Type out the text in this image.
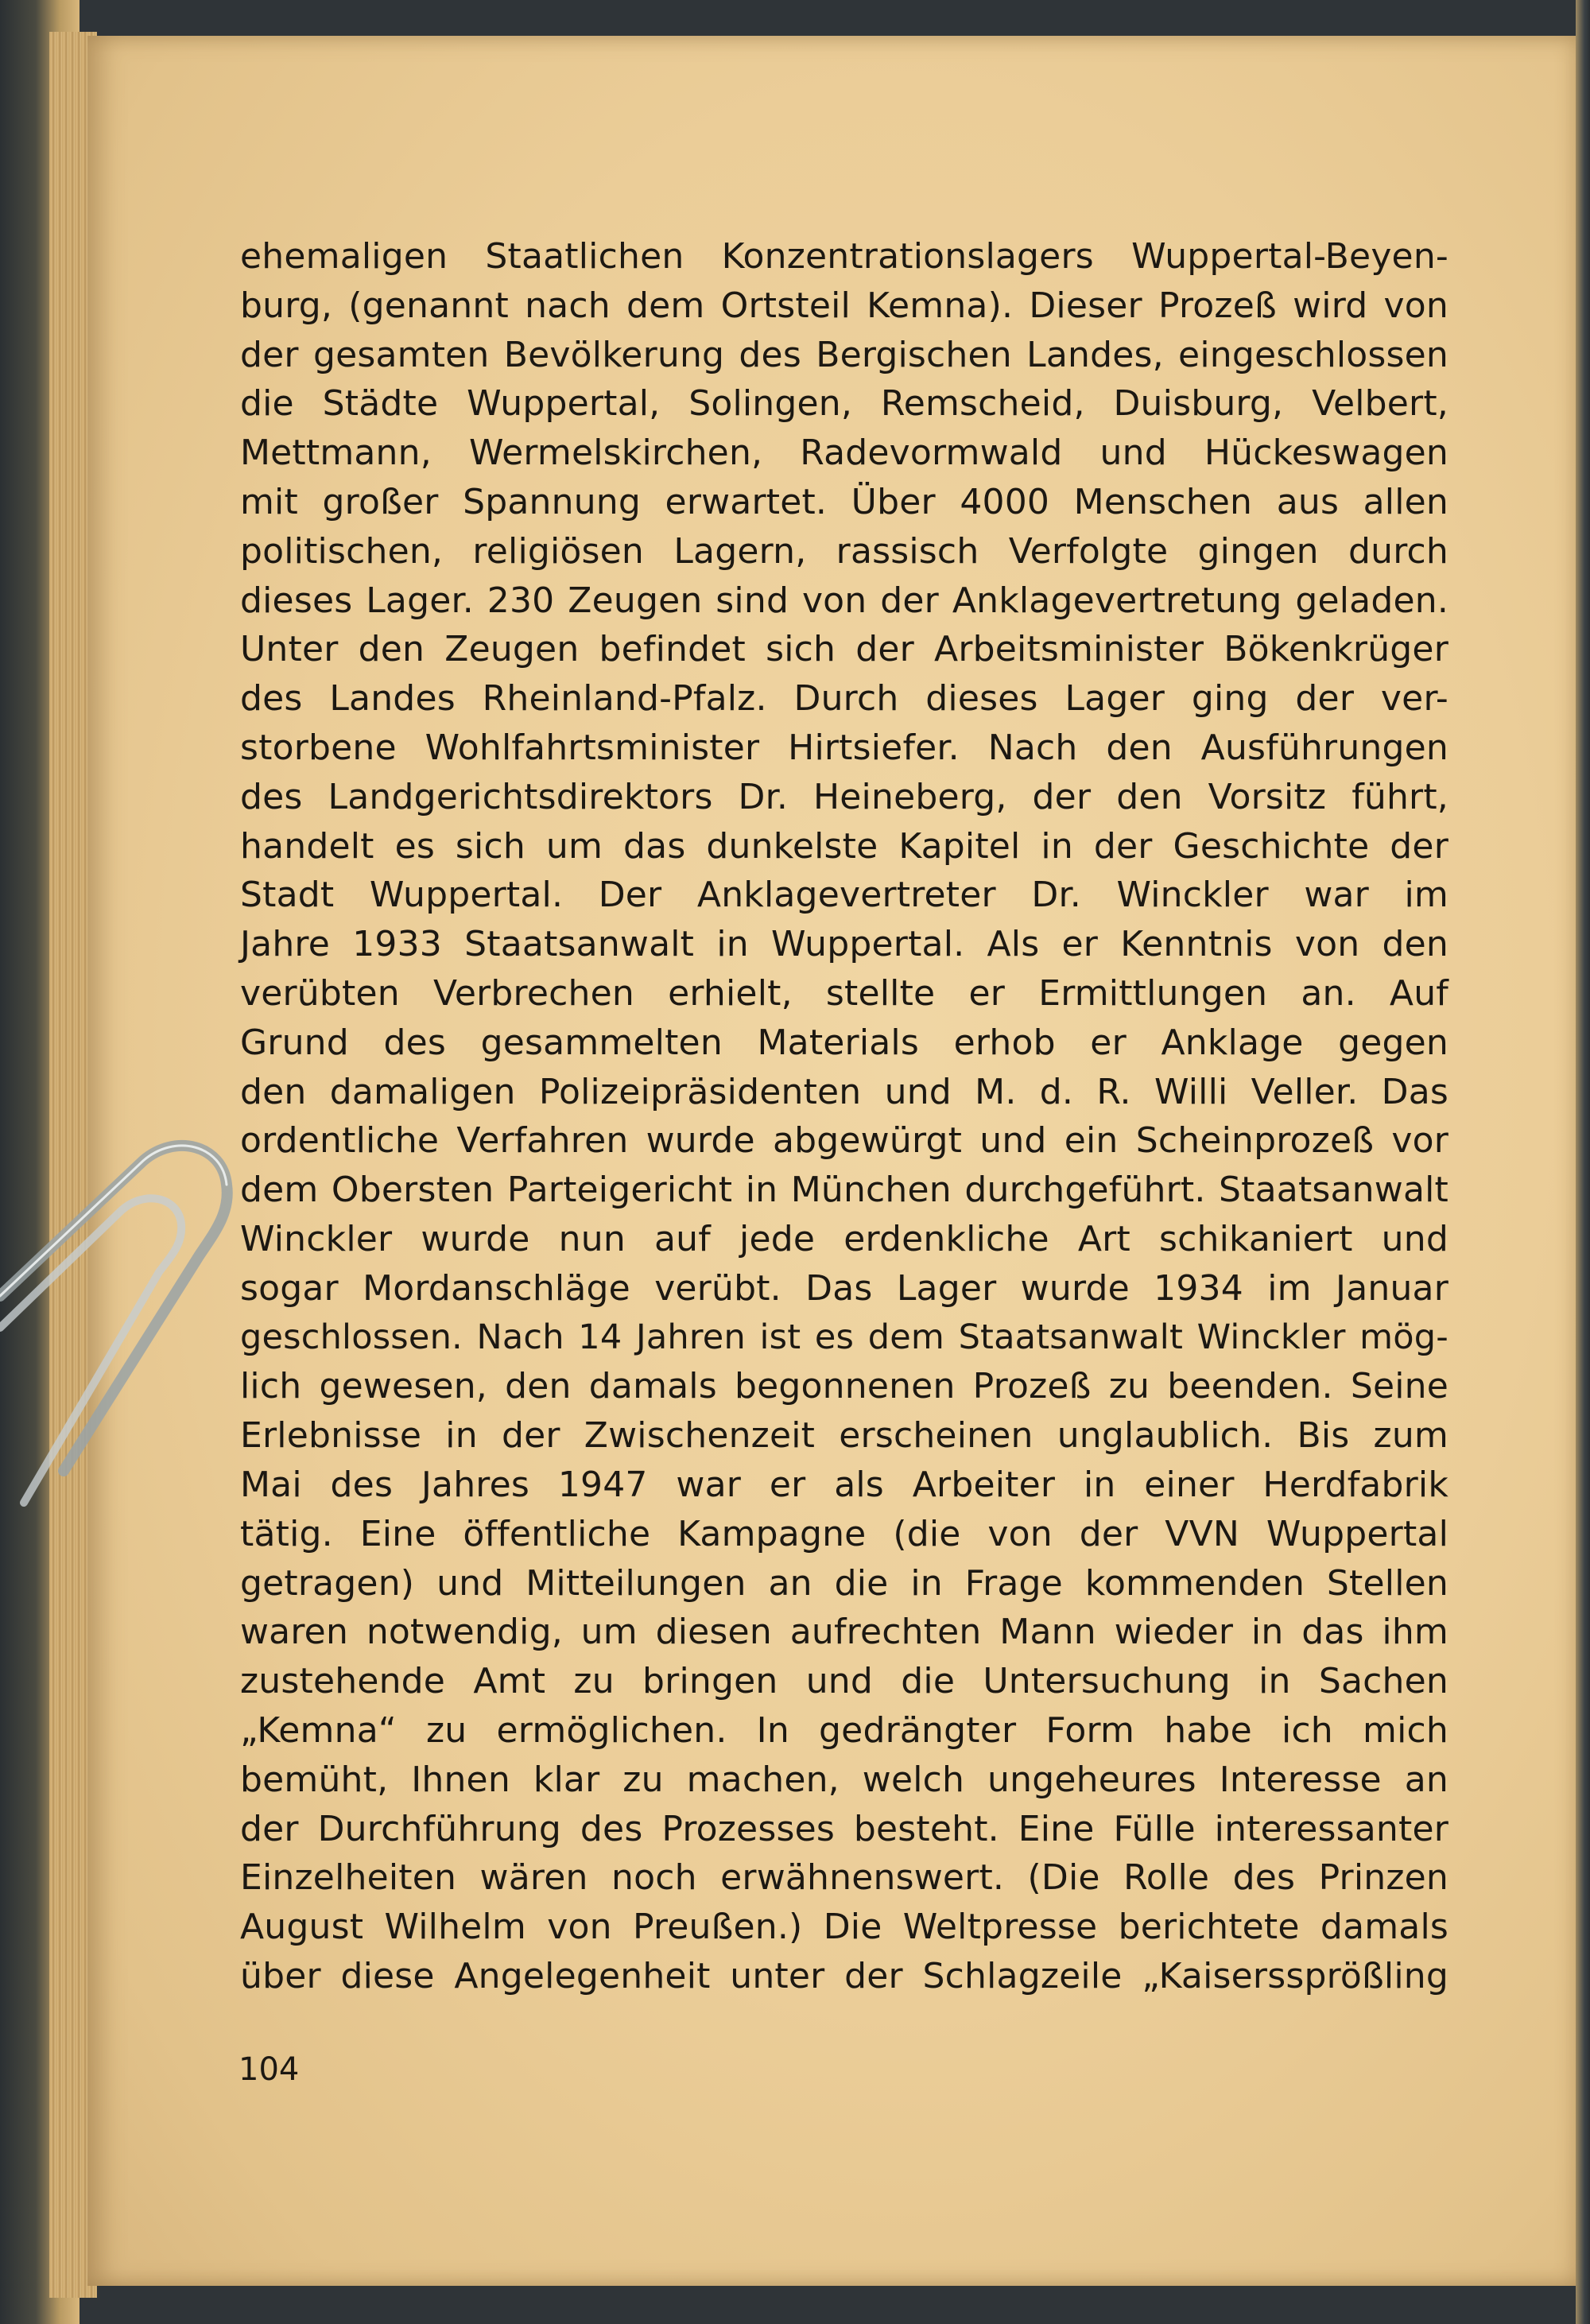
ehemaligen Staatlichen Konzentrationslagers Wuppertal-Beyen-
burg, (genannt nach dem Ortsteil Kemna). Dieser Prozeß wird von
der gesamten Bevölkerung des Bergischen Landes, eingeschlossen
die Städte Wuppertal, Solingen, Remscheid, Duisburg, Velbert,
Mettmann, Wermelskirchen, Radevormwald und Hückeswagen
mit großer Spannung erwartet. Über 4000 Menschen aus allen
politischen, religiösen Lagern, rassisch Verfolgte gingen durch
dieses Lager. 230 Zeugen sind von der Anklagevertretung geladen.
Unter den Zeugen befindet sich der Arbeitsminister Bökenkrüger
des Landes Rheinland-Pfalz. Durch dieses Lager ging der ver-
storbene Wohlfahrtsminister Hirtsiefer. Nach den Ausführungen
des Landgerichtsdirektors Dr. Heineberg, der den Vorsitz führt,
handelt es sich um das dunkelste Kapitel in der Geschichte der
Stadt Wuppertal. Der Anklagevertreter Dr. Winckler war im
Jahre 1933 Staatsanwalt in Wuppertal. Als er Kenntnis von den
verübten Verbrechen erhielt, stellte er Ermittlungen an. Auf
Grund des gesammelten Materials erhob er Anklage gegen
den damaligen Polizeipräsidenten und M. d. R. Willi Veller. Das
ordentliche Verfahren wurde abgewürgt und ein Scheinprozeß vor
dem Obersten Parteigericht in München durchgeführt. Staatsanwalt
Winckler wurde nun auf jede erdenkliche Art schikaniert und
sogar Mordanschläge verübt. Das Lager wurde 1934 im Januar
geschlossen. Nach 14 Jahren ist es dem Staatsanwalt Winckler mög-
lich gewesen, den damals begonnenen Prozeß zu beenden. Seine
Erlebnisse in der Zwischenzeit erscheinen unglaublich. Bis zum
Mai des Jahres 1947 war er als Arbeiter in einer Herdfabrik
tätig. Eine öffentliche Kampagne (die von der VVN Wuppertal
getragen) und Mitteilungen an die in Frage kommenden Stellen
waren notwendig, um diesen aufrechten Mann wieder in das ihm
zustehende Amt zu bringen und die Untersuchung in Sachen
„Kemna“ zu ermöglichen. In gedrängter Form habe ich mich
bemüht, Ihnen klar zu machen, welch ungeheures Interesse an
der Durchführung des Prozesses besteht. Eine Fülle interessanter
Einzelheiten wären noch erwähnenswert. (Die Rolle des Prinzen
August Wilhelm von Preußen.) Die Weltpresse berichtete damals
über diese Angelegenheit unter der Schlagzeile „Kaiserssprößling
104
